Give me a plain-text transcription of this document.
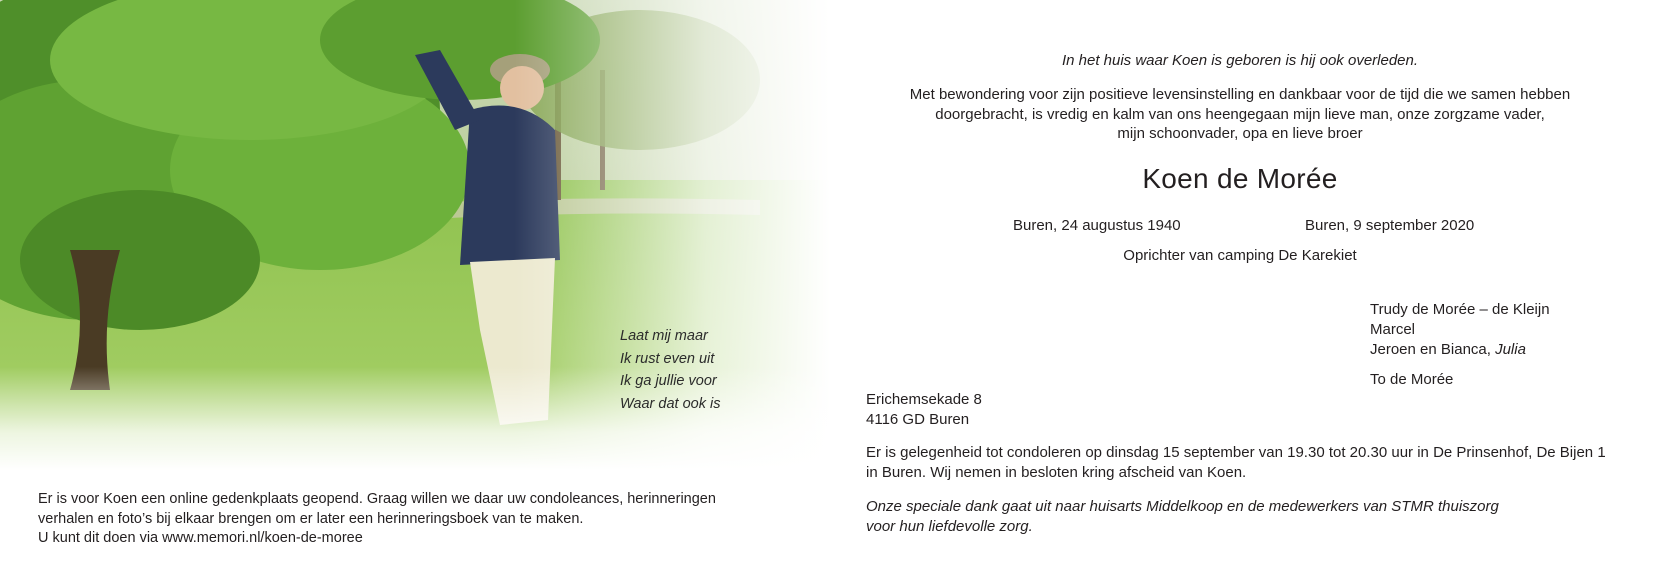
Laat mij maar
Ik rust even uit
Ik ga jullie voor
Waar dat ook is
Er is voor Koen een online gedenkplaats geopend. Graag willen we daar uw condoleances, herinneringen
verhalen en foto’s bij elkaar brengen om er later een herinneringsboek van te maken.
U kunt dit doen via www.memori.nl/koen-de-moree
In het huis waar Koen is geboren is hij ook overleden.
Met bewondering voor zijn positieve levensinstelling en dankbaar voor de tijd die we samen hebben
doorgebracht, is vredig en kalm van ons heengegaan mijn lieve man, onze zorgzame vader,
mijn schoonvader, opa en lieve broer
Koen de Morée
Buren, 24 augustus 1940	Buren, 9 september 2020
Oprichter van camping De Karekiet
Trudy de Morée – de Kleijn
Marcel
Jeroen en Bianca, Julia
To de Morée
Erichemsekade 8
4116 GD Buren
Er is gelegenheid tot condoleren op dinsdag 15 september van 19.30 tot 20.30 uur in De Prinsenhof, De Bijen 1
in Buren. Wij nemen in besloten kring afscheid van Koen.
Onze speciale dank gaat uit naar huisarts Middelkoop en de medewerkers van STMR thuiszorg
voor hun liefdevolle zorg.
